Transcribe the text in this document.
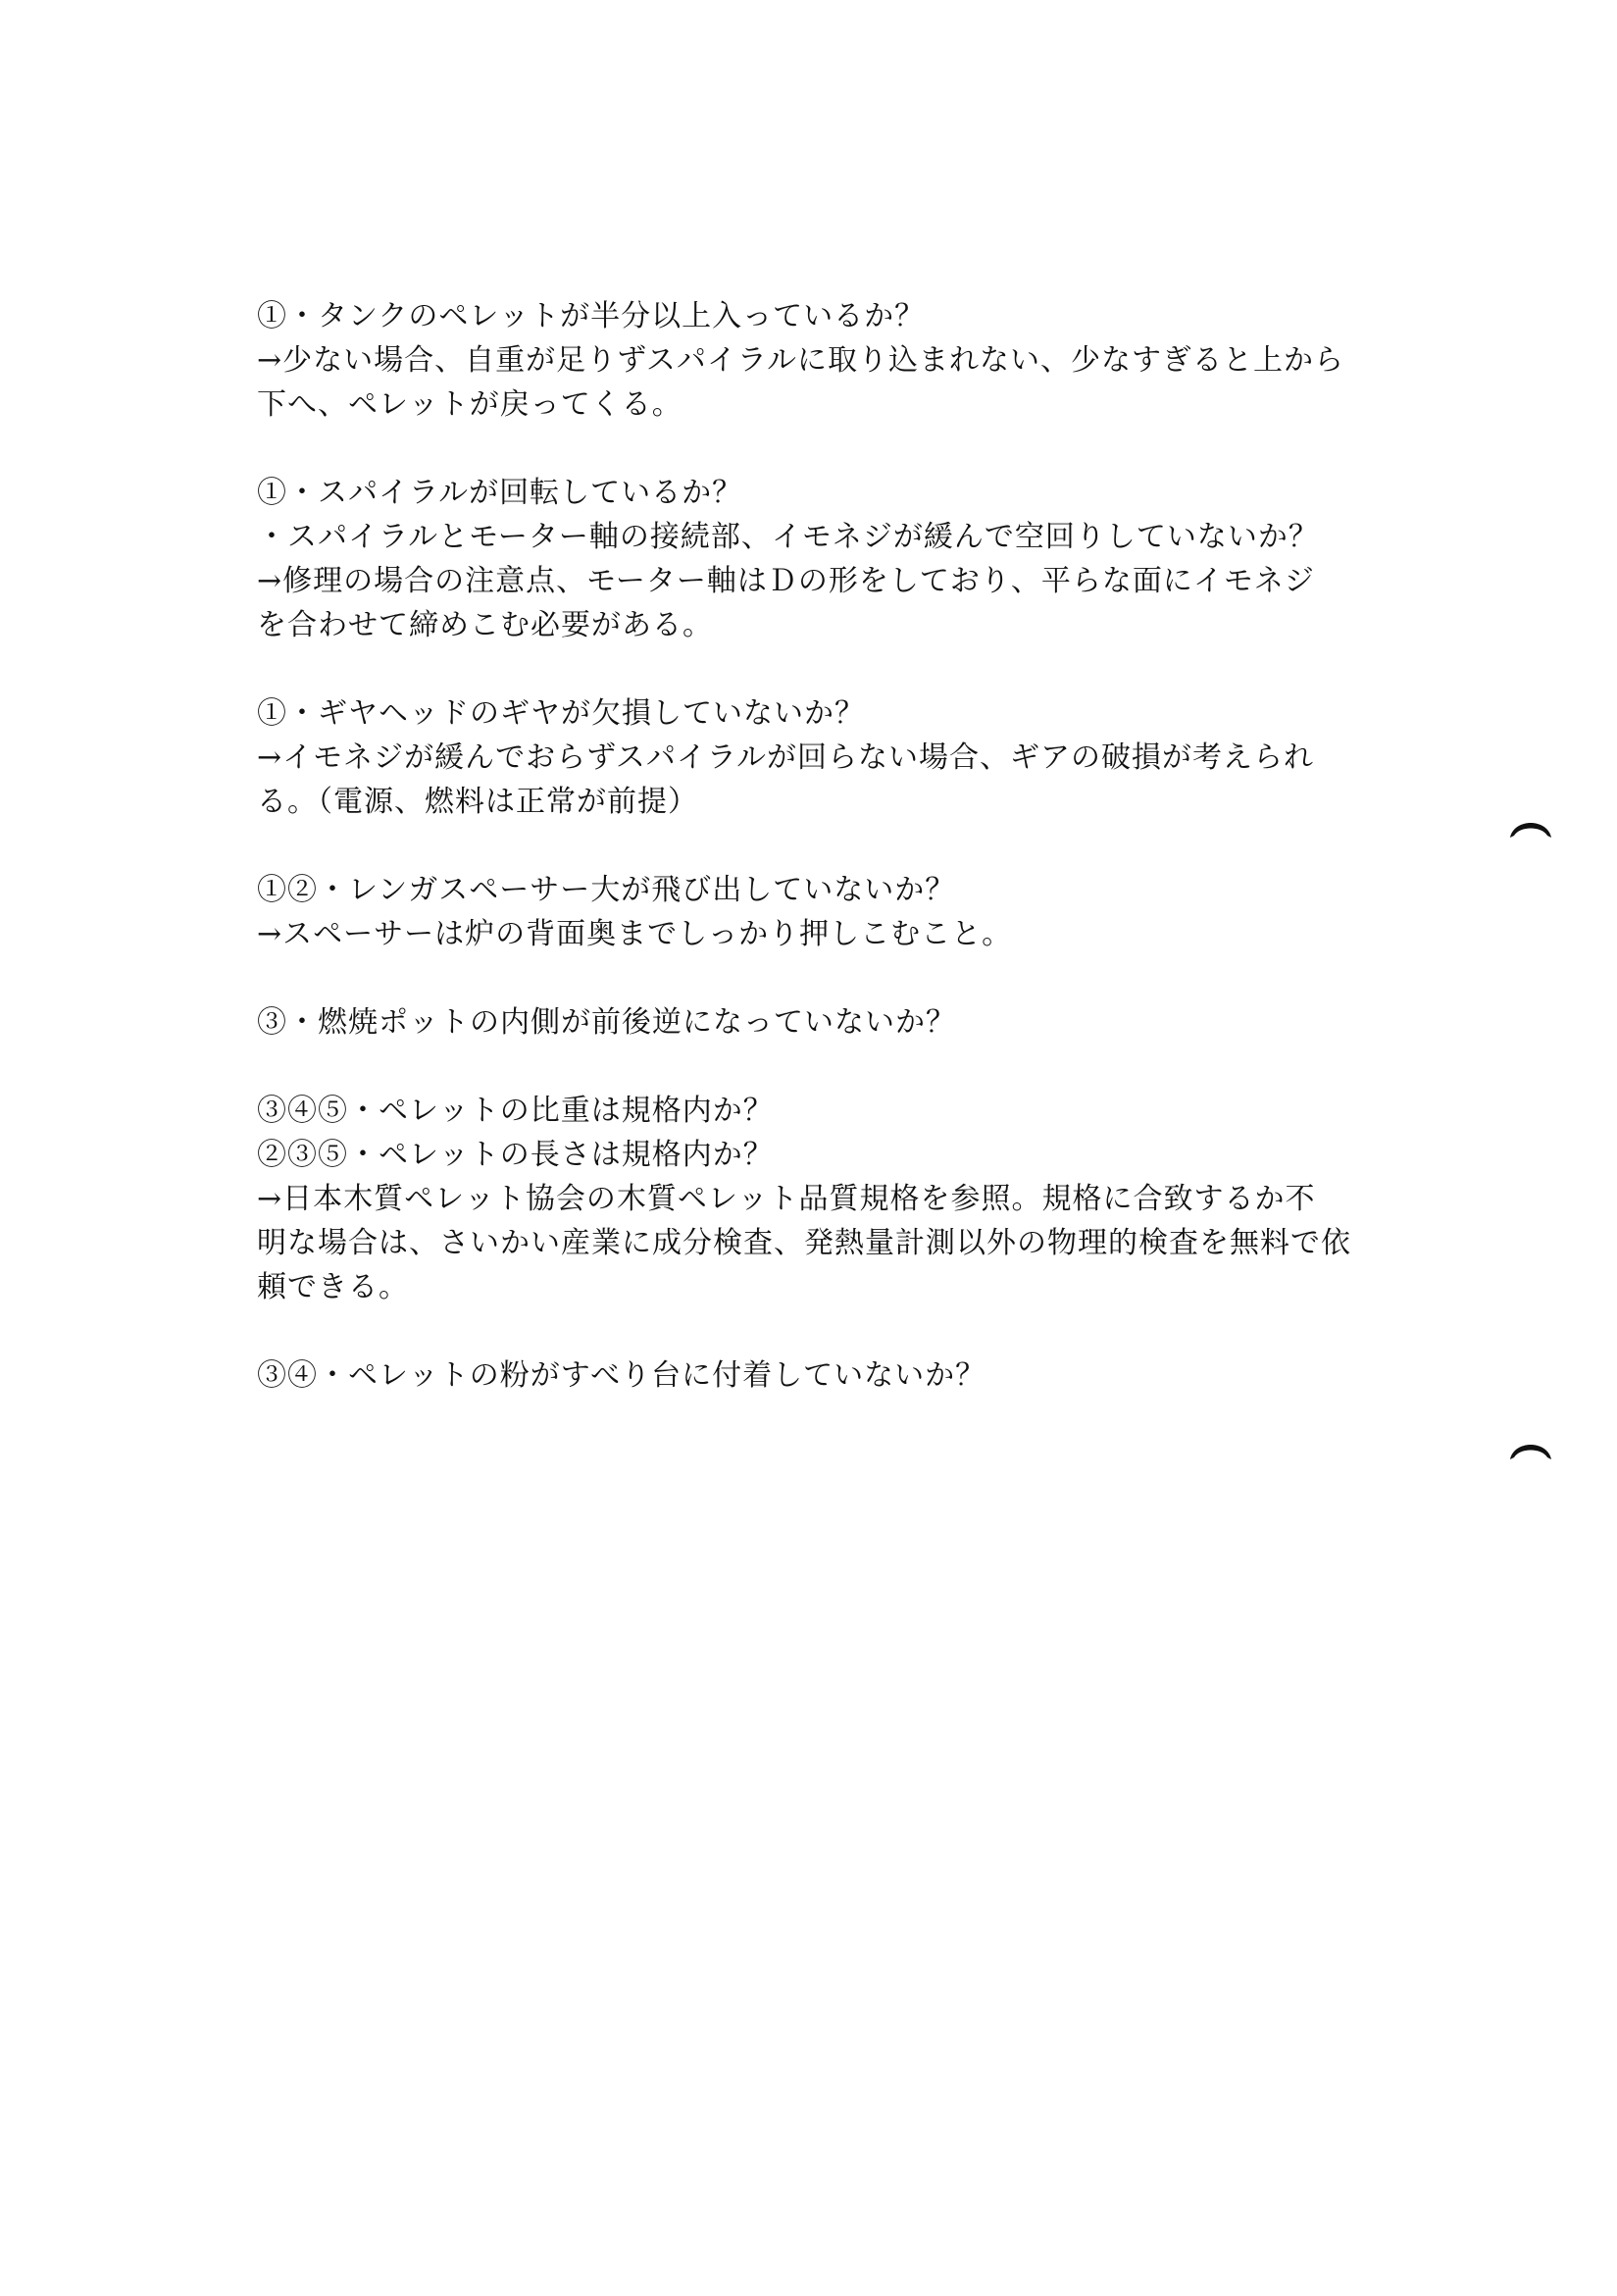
①・タンクのペレットが半分以上入っているか？
→少ない場合、自重が足りずスパイラルに取り込まれない、少なすぎると上から
下へ、ペレットが戻ってくる。
①・スパイラルが回転しているか？
・スパイラルとモーター軸の接続部、イモネジが緩んで空回りしていないか？
→修理の場合の注意点、モーター軸はＤの形をしており、平らな面にイモネジ
を合わせて締めこむ必要がある。
①・ギヤヘッドのギヤが欠損していないか？
→イモネジが緩んでおらずスパイラルが回らない場合、ギアの破損が考えられ
る。（電源、燃料は正常が前提）
①②・レンガスペーサー大が飛び出していないか？
→スペーサーは炉の背面奥までしっかり押しこむこと。
③・燃焼ポットの内側が前後逆になっていないか？
③④⑤・ペレットの比重は規格内か？
②③⑤・ペレットの長さは規格内か？
→日本木質ペレット協会の木質ペレット品質規格を参照。規格に合致するか不
明な場合は、さいかい産業に成分検査、発熱量計測以外の物理的検査を無料で依
頼できる。
③④・ペレットの粉がすべり台に付着していないか？
